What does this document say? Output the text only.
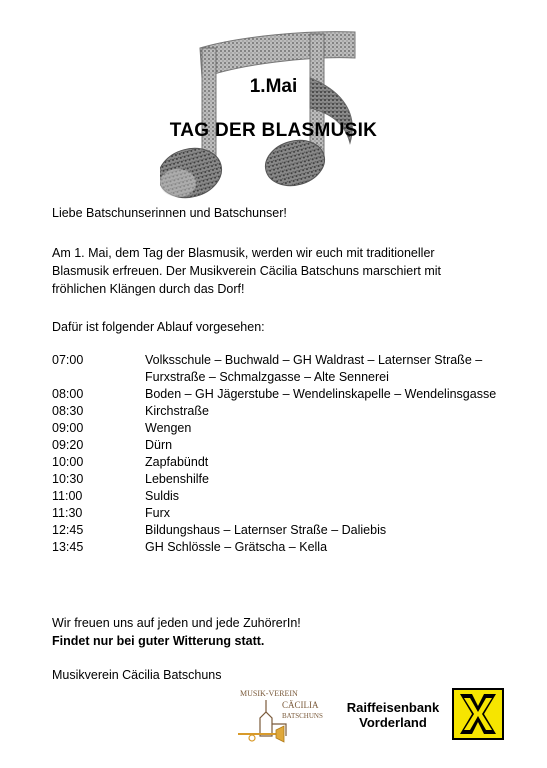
1.Mai
TAG DER BLASMUSIK
Liebe Batschunserinnen und Batschunser!
Am 1. Mai, dem Tag der Blasmusik, werden wir euch mit traditioneller
Blasmusik erfreuen. Der Musikverein Cäcilia Batschuns marschiert mit
fröhlichen Klängen durch das Dorf!
Dafür ist folgender Ablauf vorgesehen:
07:00	Volksschule – Buchwald – GH Waldrast – Laternser Straße – Furxstraße – Schmalzgasse – Alte Sennerei
08:00	Boden – GH Jägerstube – Wendelinskapelle – Wendelinsgasse
08:30	Kirchstraße
09:00	Wengen
09:20	Dürn
10:00	Zapfabündt
10:30	Lebenshilfe
11:00	Suldis
11:30	Furx
12:45	Bildungshaus – Laternser Straße – Daliebis
13:45	GH Schlössle – Grätscha – Kella
Wir freuen uns auf jeden und jede ZuhörerIn!
Findet nur bei guter Witterung statt.
Musikverein Cäcilia Batschuns
MUSIK-VEREIN
CÄCILIA
BATSCHUNS
Raiffeisenbank
Vorderland
